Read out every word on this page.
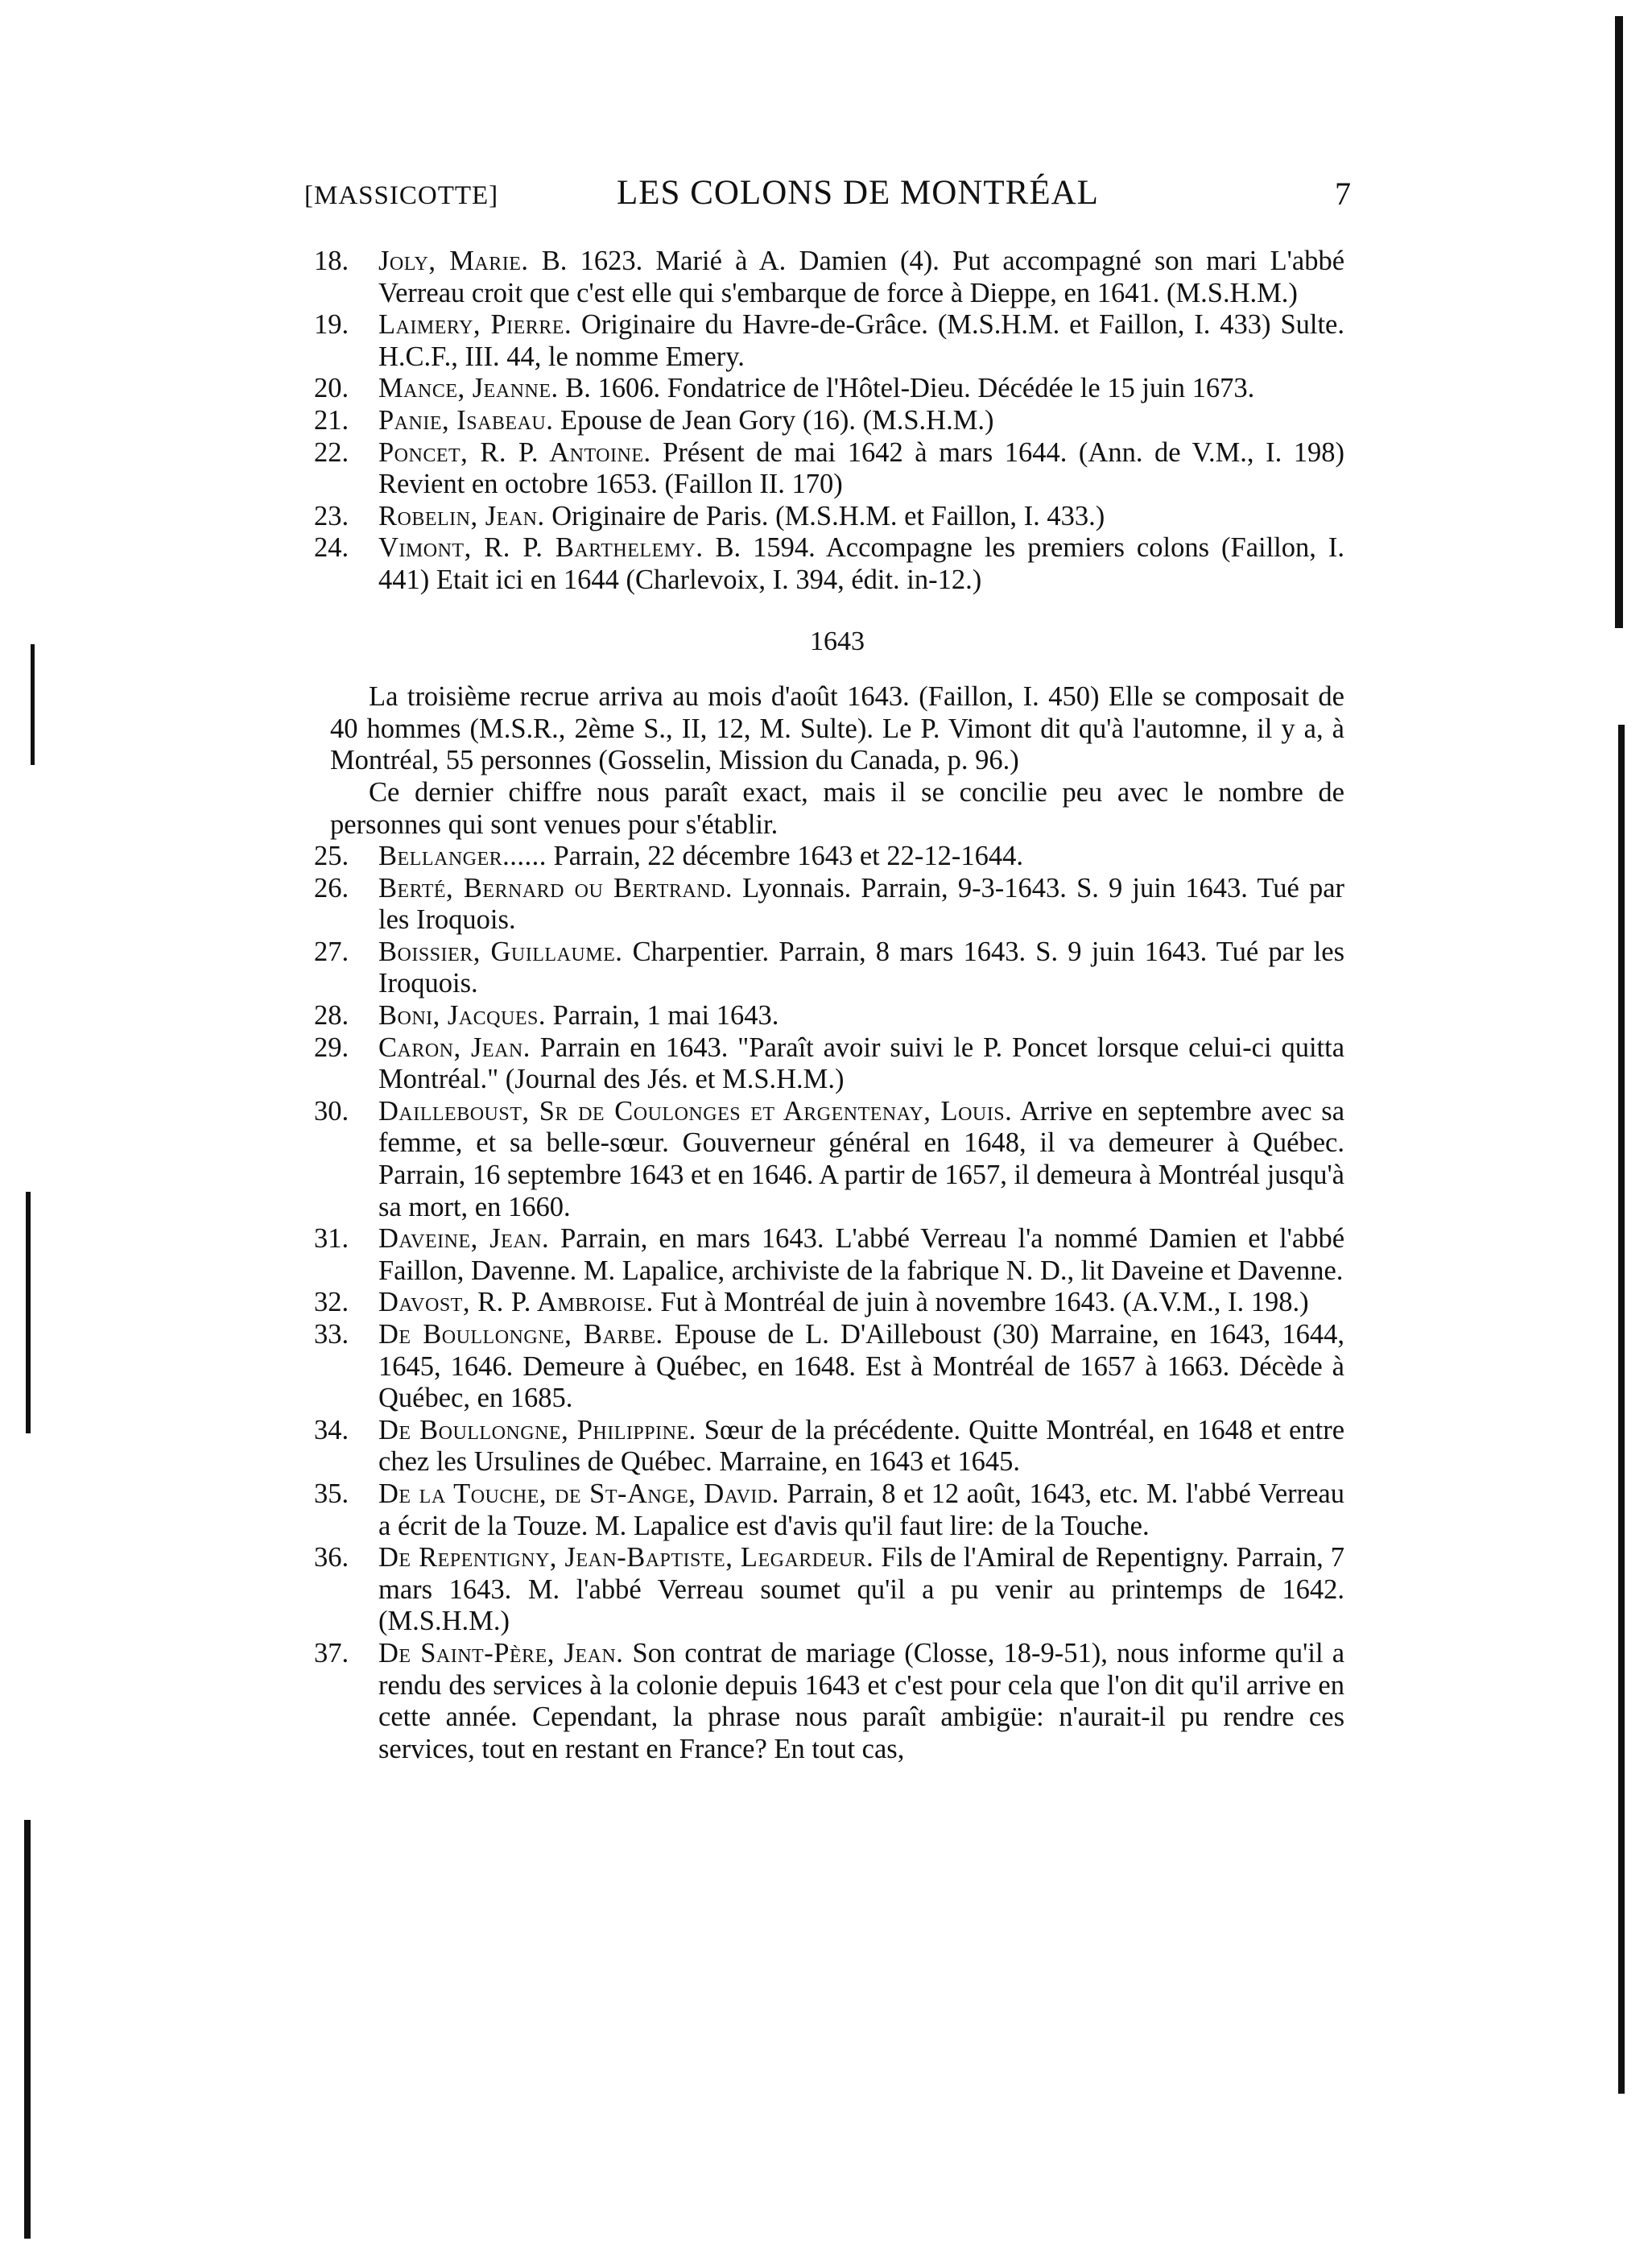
[MASSICOTTE]	LES COLONS DE MONTRÉAL	7
18.	Joly, Marie. B. 1623. Marié à A. Damien (4). Put accompagné son mari L'abbé Verreau croit que c'est elle qui s'embarque de force à Dieppe, en 1641. (M.S.H.M.)
19.	Laimery, Pierre. Originaire du Havre-de-Grâce. (M.S.H.M. et Faillon, I. 433) Sulte. H.C.F., III. 44, le nomme Emery.
20.	Mance, Jeanne. B. 1606. Fondatrice de l'Hôtel-Dieu. Décédée le 15 juin 1673.
21.	Panie, Isabeau. Epouse de Jean Gory (16). (M.S.H.M.)
22.	Poncet, R. P. Antoine. Présent de mai 1642 à mars 1644. (Ann. de V.M., I. 198) Revient en octobre 1653. (Faillon II. 170)
23.	Robelin, Jean. Originaire de Paris. (M.S.H.M. et Faillon, I. 433.)
24.	Vimont, R. P. Barthelemy. B. 1594. Accompagne les premiers colons (Faillon, I. 441) Etait ici en 1644 (Charlevoix, I. 394, édit. in-12.)
1643
La troisième recrue arriva au mois d'août 1643. (Faillon, I. 450) Elle se composait de 40 hommes (M.S.R., 2ème S., II, 12, M. Sulte). Le P. Vimont dit qu'à l'automne, il y a, à Montréal, 55 personnes (Gosselin, Mission du Canada, p. 96.)
Ce dernier chiffre nous paraît exact, mais il se concilie peu avec le nombre de personnes qui sont venues pour s'établir.
25.	Bellanger...... Parrain, 22 décembre 1643 et 22-12-1644.
26.	Berté, Bernard ou Bertrand. Lyonnais. Parrain, 9-3-1643. S. 9 juin 1643. Tué par les Iroquois.
27.	Boissier, Guillaume. Charpentier. Parrain, 8 mars 1643. S. 9 juin 1643. Tué par les Iroquois.
28.	Boni, Jacques. Parrain, 1 mai 1643.
29.	Caron, Jean. Parrain en 1643. "Paraît avoir suivi le P. Poncet lorsque celui-ci quitta Montréal." (Journal des Jés. et M.S.H.M.)
30.	Dailleboust, Sr de Coulonges et Argentenay, Louis. Arrive en septembre avec sa femme, et sa belle-sœur. Gouverneur général en 1648, il va demeurer à Québec. Parrain, 16 septembre 1643 et en 1646. A partir de 1657, il demeura à Montréal jusqu'à sa mort, en 1660.
31.	Daveine, Jean. Parrain, en mars 1643. L'abbé Verreau l'a nommé Damien et l'abbé Faillon, Davenne. M. Lapalice, archiviste de la fabrique N. D., lit Daveine et Davenne.
32.	Davost, R. P. Ambroise. Fut à Montréal de juin à novembre 1643. (A.V.M., I. 198.)
33.	De Boullongne, Barbe. Epouse de L. D'Ailleboust (30) Marraine, en 1643, 1644, 1645, 1646. Demeure à Québec, en 1648. Est à Montréal de 1657 à 1663. Décède à Québec, en 1685.
34.	De Boullongne, Philippine. Sœur de la précédente. Quitte Montréal, en 1648 et entre chez les Ursulines de Québec. Marraine, en 1643 et 1645.
35.	De la Touche, de St-Ange, David. Parrain, 8 et 12 août, 1643, etc. M. l'abbé Verreau a écrit de la Touze. M. Lapalice est d'avis qu'il faut lire: de la Touche.
36.	De Repentigny, Jean-Baptiste, Legardeur. Fils de l'Amiral de Repentigny. Parrain, 7 mars 1643. M. l'abbé Verreau soumet qu'il a pu venir au printemps de 1642. (M.S.H.M.)
37.	De Saint-Père, Jean. Son contrat de mariage (Closse, 18-9-51), nous informe qu'il a rendu des services à la colonie depuis 1643 et c'est pour cela que l'on dit qu'il arrive en cette année. Cependant, la phrase nous paraît ambigüe: n'aurait-il pu rendre ces services, tout en restant en France? En tout cas,
